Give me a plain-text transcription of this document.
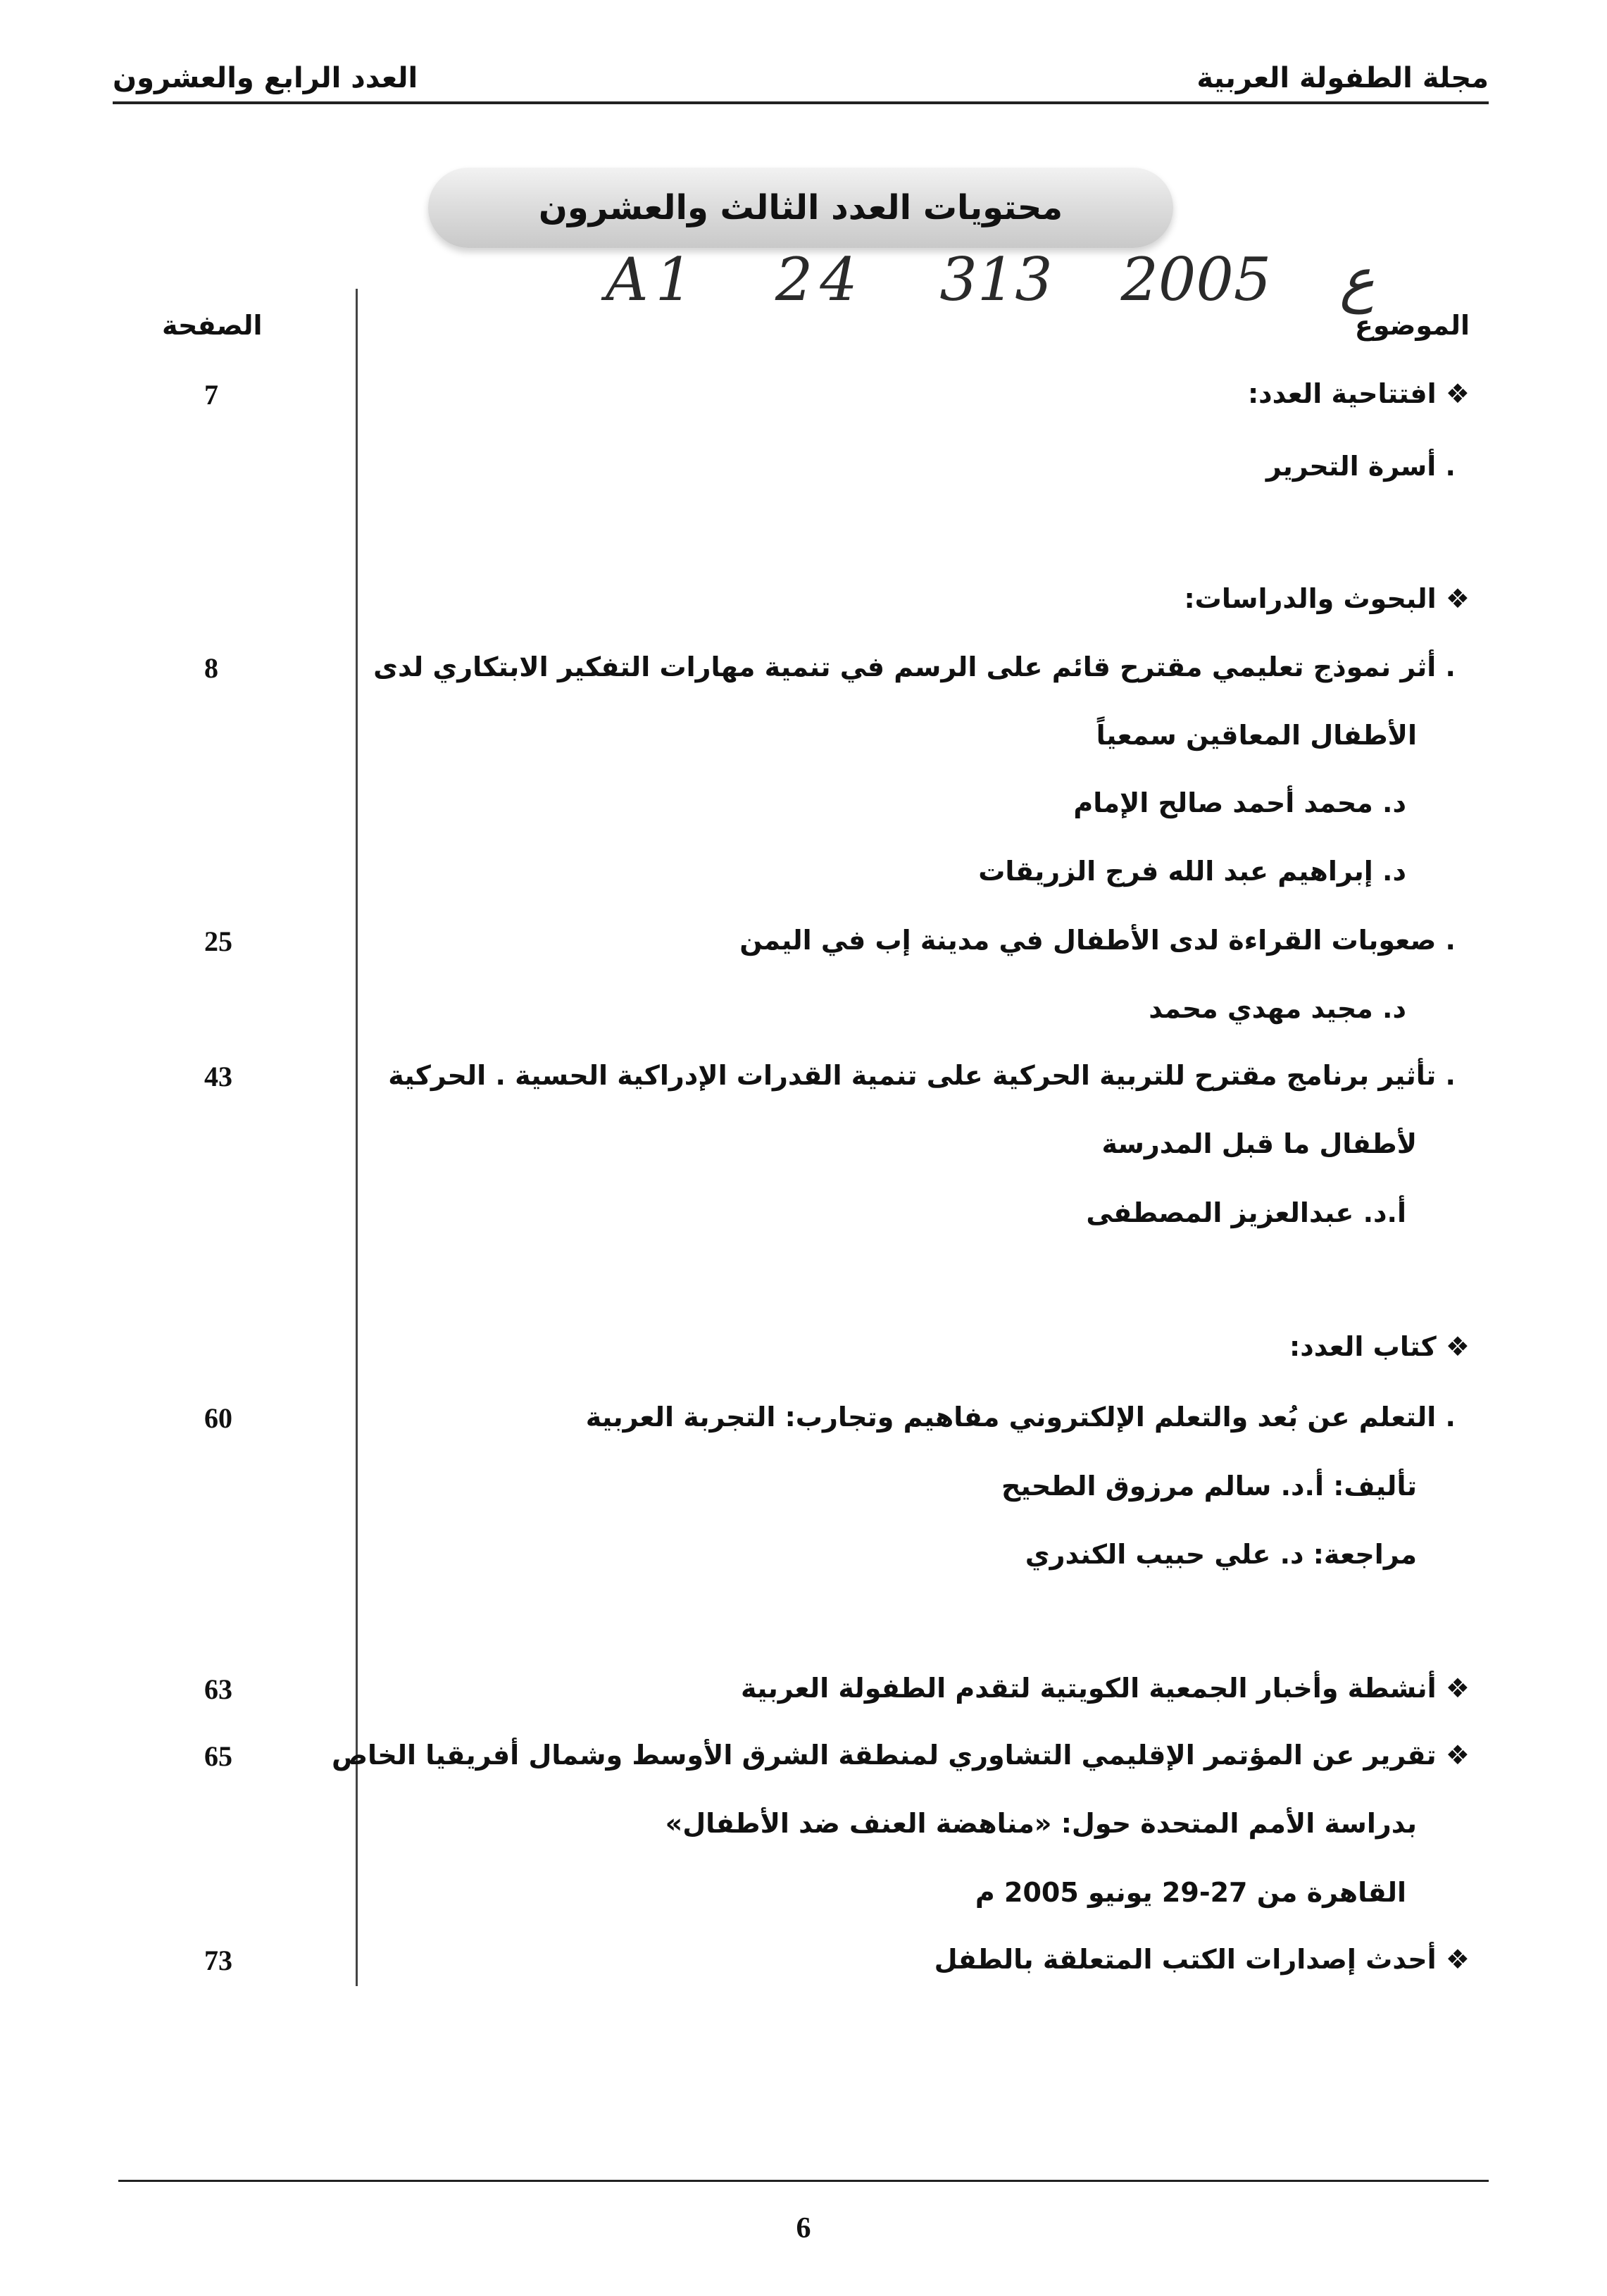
مجلة الطفولة العربية
العدد الرابع والعشرون
محتويات العدد الثالث والعشرون
A1 24	ع 2005 313
الموضوع
الصفحة
❖ افتتاحية العدد:
7
. أسرة التحرير
❖ البحوث والدراسات:
. أثر نموذج تعليمي مقترح قائم على الرسم في تنمية مهارات التفكير الابتكاري لدى
8
الأطفال المعاقين سمعياً
د. محمد أحمد صالح الإمام
د. إبراهيم عبد الله فرج الزريقات
. صعوبات القراءة لدى الأطفال في مدينة إب في اليمن
25
د. مجيد مهدي محمد
. تأثير برنامج مقترح للتربية الحركية على تنمية القدرات الإدراكية الحسية . الحركية
43
لأطفال ما قبل المدرسة
أ.د. عبدالعزيز المصطفى
❖ كتاب العدد:
. التعلم عن بُعد والتعلم الإلكتروني مفاهيم وتجارب: التجربة العربية
60
تأليف: أ.د. سالم مرزوق الطحيح
مراجعة: د. علي حبيب الكندري
❖ أنشطة وأخبار الجمعية الكويتية لتقدم الطفولة العربية
63
❖ تقرير عن المؤتمر الإقليمي التشاوري لمنطقة الشرق الأوسط وشمال أفريقيا الخاص
65
بدراسة الأمم المتحدة حول: «مناهضة العنف ضد الأطفال»
القاهرة من 27-29 يونيو 2005 م
❖ أحدث إصدارات الكتب المتعلقة بالطفل
73
6
